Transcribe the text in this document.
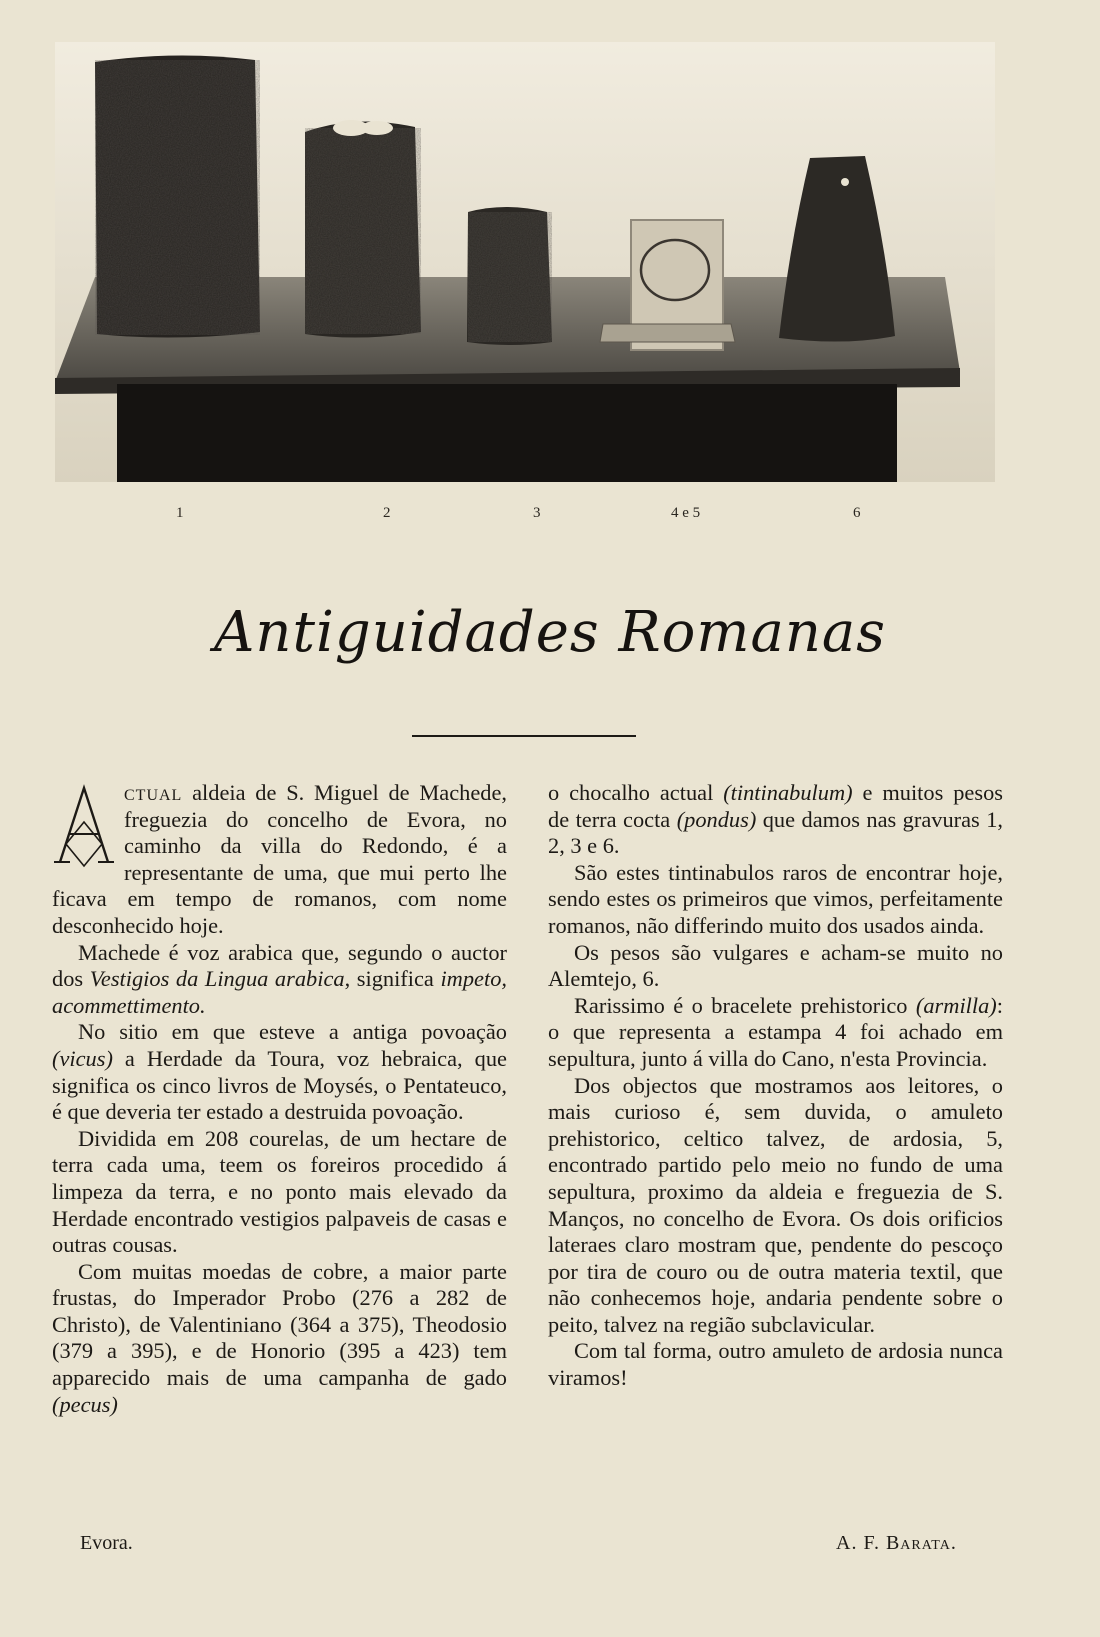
1	2	3	4 e 5	6
Antiguidades Romanas

ctual aldeia de S. Miguel de Machede, freguezia do concelho de Evora, no caminho da villa do Redondo, é a representante de uma, que mui perto lhe ficava em tempo de romanos, com nome desconhecido hoje.

Machede é voz arabica que, segundo o auctor dos Vestigios da Lingua arabica, significa impeto, acommettimento.

No sitio em que esteve a antiga povoação (vicus) a Herdade da Toura, voz hebraica, que significa os cinco livros de Moysés, o Pentateuco, é que deveria ter estado a destruida povoação.

Dividida em 208 courelas, de um hectare de terra cada uma, teem os foreiros procedido á limpeza da terra, e no ponto mais elevado da Herdade encontrado vestigios palpaveis de casas e outras cousas.

Com muitas moedas de cobre, a maior parte frustas, do Imperador Probo (276 a 282 de Christo), de Valentiniano (364 a 375), Theodosio (379 a 395), e de Honorio (395 a 423) tem apparecido mais de uma campanha de gado (pecus)

o chocalho actual (tintinabulum) e muitos pesos de terra cocta (pondus) que damos nas gravuras 1, 2, 3 e 6.

São estes tintinabulos raros de encontrar hoje, sendo estes os primeiros que vimos, perfeitamente romanos, não differindo muito dos usados ainda.

Os pesos são vulgares e acham-se muito no Alemtejo, 6.

Rarissimo é o bracelete prehistorico (armilla): o que representa a estampa 4 foi achado em sepultura, junto á villa do Cano, n'esta Provincia.

Dos objectos que mostramos aos leitores, o mais curioso é, sem duvida, o amuleto prehistorico, celtico talvez, de ardosia, 5, encontrado partido pelo meio no fundo de uma sepultura, proximo da aldeia e freguezia de S. Manços, no concelho de Evora. Os dois orificios lateraes claro mostram que, pendente do pescoço por tira de couro ou de outra materia textil, que não conhecemos hoje, andaria pendente sobre o peito, talvez na região subclavicular.

Com tal forma, outro amuleto de ardosia nunca viramos!

Evora.	A. F. Barata.
